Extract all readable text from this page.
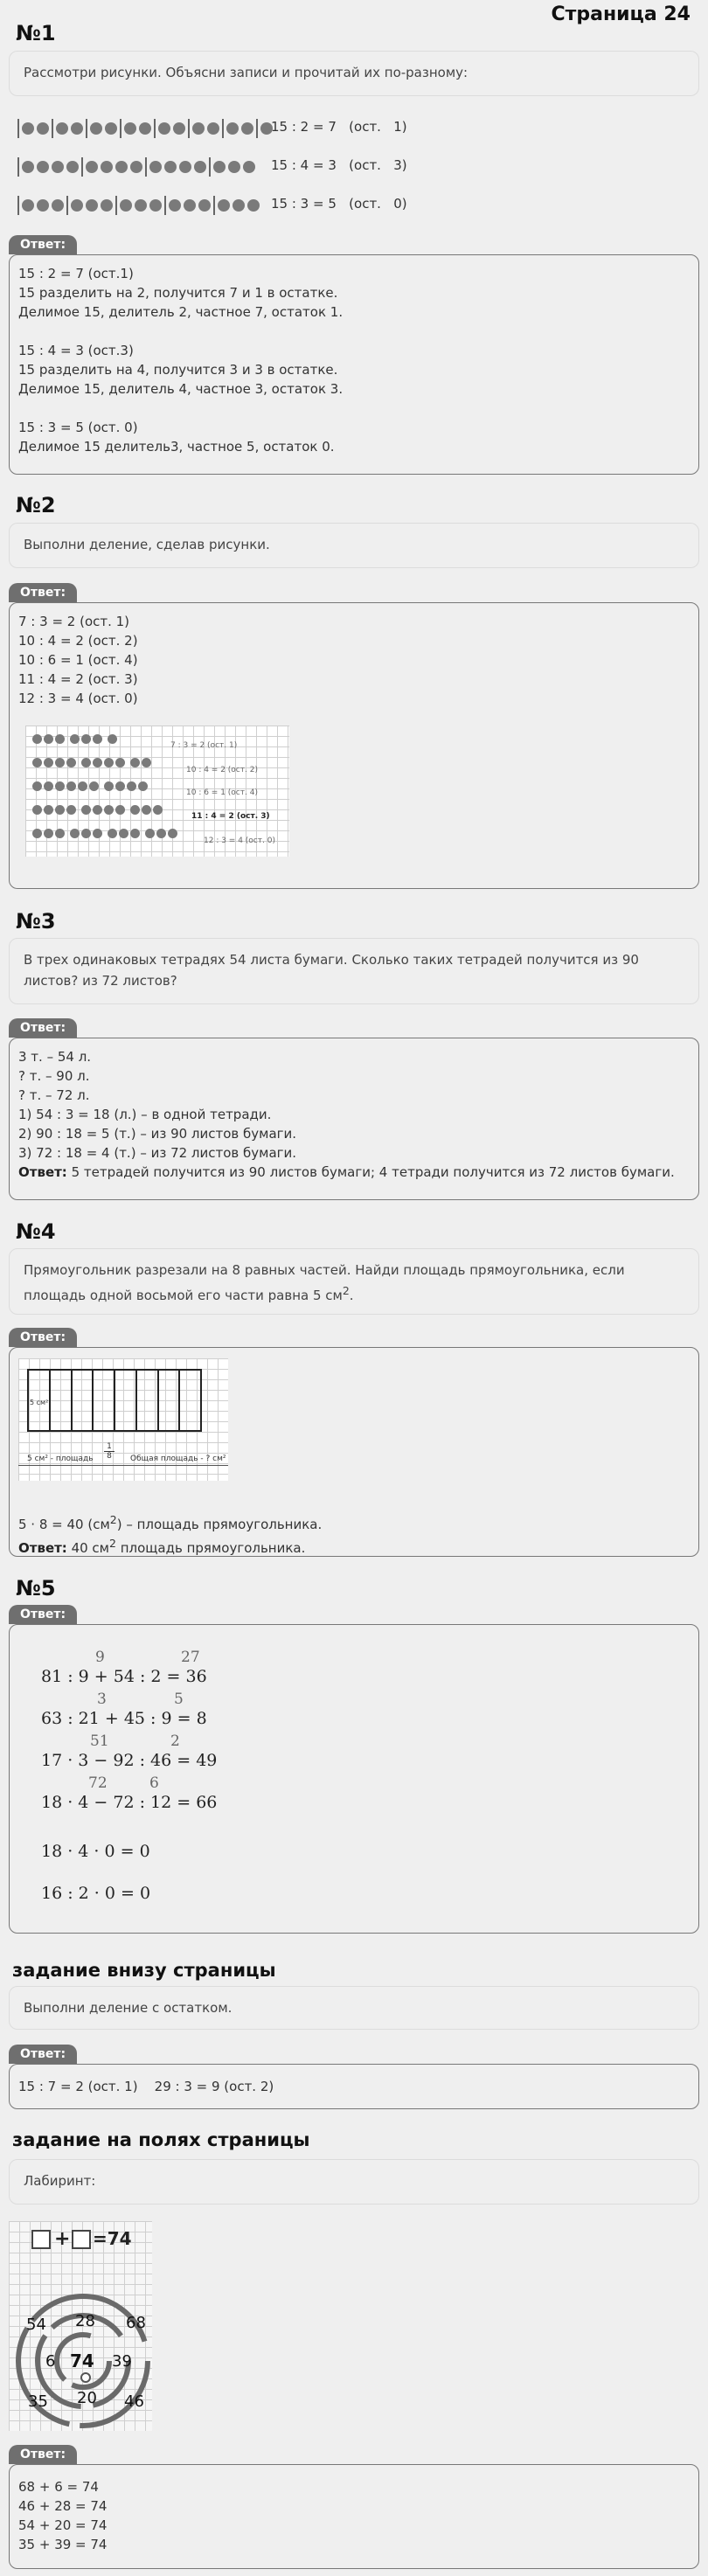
Страница 24
№1
Рассмотри рисунки. Объясни записи и прочитай их по-разному:
15 : 2 = 7   (ост.   1)
15 : 4 = 3   (ост.   3)
15 : 3 = 5   (ост.   0)
Ответ:
15 : 2 = 7 (ост.1)
15 разделить на 2, получится 7 и 1 в остатке.
Делимое 15, делитель 2, частное 7, остаток 1.
15 : 4 = 3 (ост.3)
15 разделить на 4, получится 3 и 3 в остатке.
Делимое 15, делитель 4, частное 3, остаток 3.
15 : 3 = 5 (ост. 0)
Делимое 15 делитель3, частное 5, остаток 0.
№2
Выполни деление, сделав рисунки.
Ответ:
7 : 3 = 2 (ост. 1)
10 : 4 = 2 (ост. 2)
10 : 6 = 1 (ост. 4)
11 : 4 = 2 (ост. 3)
12 : 3 = 4 (ост. 0)
7 : 3 = 2 (ост. 1)
10 : 4 = 2 (ост. 2)
10 : 6 = 1 (ост. 4)
11 : 4 = 2 (ост. 3)
12 : 3 = 4 (ост. 0)
№3
В трех одинаковых тетрадях 54 листа бумаги. Сколько таких тетрадей получится из 90 листов? из 72 листов?
Ответ:
3 т. – 54 л.
? т. – 90 л.
? т. – 72 л.
1) 54 : 3 = 18 (л.) – в одной тетради.
2) 90 : 18 = 5 (т.) – из 90 листов бумаги.
3) 72 : 18 = 4 (т.) – из 72 листов бумаги.
Ответ: 5 тетрадей получится из 90 листов бумаги; 4 тетради получится из 72 листов бумаги.
№4
Прямоугольник разрезали на 8 равных частей. Найди площадь прямоугольника, если площадь одной восьмой его части равна 5 $см^2$.
Ответ:
5 см²
5 см² - площадь
1
8	Общая площадь - ? см²
5 · 8 = 40 $(см^2)$ – площадь прямоугольника.
Ответ: 40 $см^2$ площадь прямоугольника.
№5
Ответ:
81 : 9 + 54 : 2 = 36
9	27
63 : 21 + 45 : 9 = 8
3	5
17 · 3 − 92 : 46 = 49
51	2
18 · 4 − 72 : 12 = 66
72	6
18 · 4 · 0 = 0
16 : 2 · 0 = 0
задание внизу страницы
Выполни деление с остатком.
Ответ:
15 : 7 = 2 (ост. 1)    29 : 3 = 9 (ост. 2)
задание на полях страницы
Лабиринт:
+ =74
74
54 28 68
6	39
35 20 46
Ответ:
68 + 6 = 74
46 + 28 = 74
54 + 20 = 74
35 + 39 = 74
